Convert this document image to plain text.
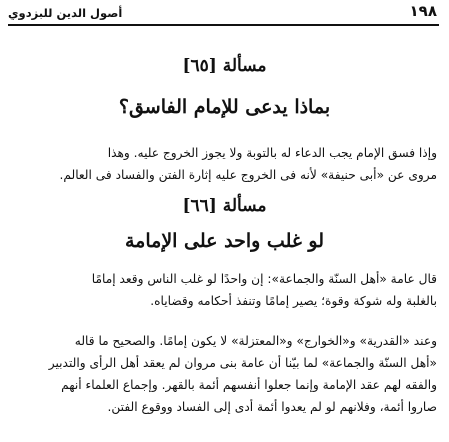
أصول الدين للبزدوي	١٩٨
مسألة [٦٥]
بماذا يدعى للإمام الفاسق؟
وإذا فسق الإمام يجب الدعاء له بالتوبة ولا يجوز الخروج عليه. وهذا
مروى عن «أبى حنيفة» لأنه فى الخروج عليه إثارة الفتن والفساد فى العالم.
مسألة [٦٦]
لو غلب واحد على الإمامة
قال عامة «أهل السنّة والجماعة»: إن واحدًا لو غلب الناس وقعد إمامًا
بالغلبة وله شوكة وقوة؛ يصير إمامًا وتنفذ أحكامه وقضاياه.
وعند «القدرية» و«الخوارج» و«المعتزلة» لا يكون إمامًا. والصحيح ما قاله
«أهل السنّة والجماعة» لما بيّنا أن عامة بنى مروان لم يعقد أهل الرأى والتدبير
والفقه لهم عقد الإمامة وإنما جعلوا أنفسهم أئمة بالقهر. وإجماع العلماء أنهم
صاروا أئمة، وفلانهم لو لم يعدوا أئمة أدى إلى الفساد ووقوع الفتن.
